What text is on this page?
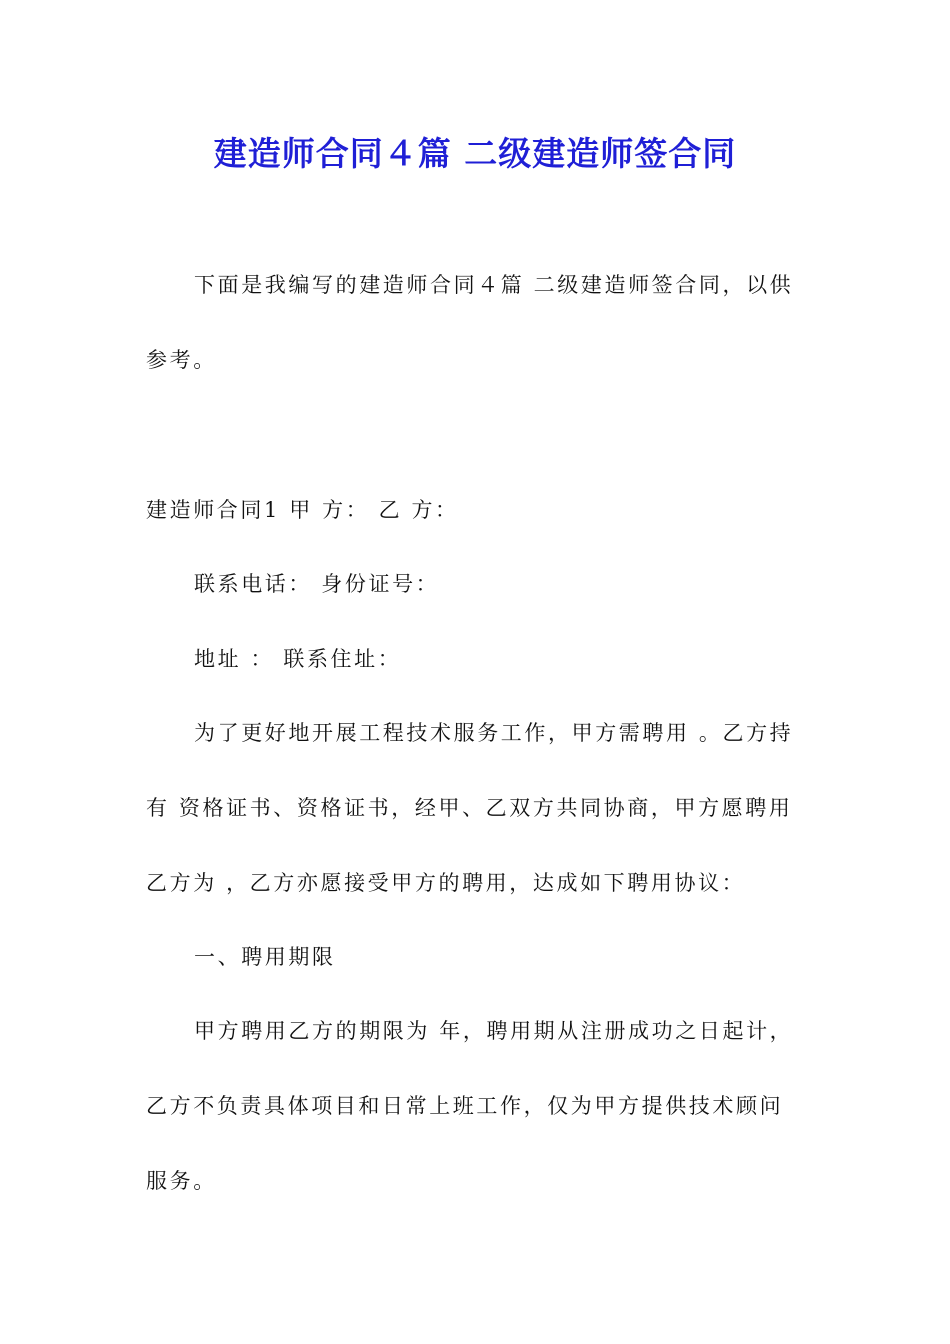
建造师合同４篇 二级建造师签合同
下面是我编写的建造师合同４篇 二级建造师签合同，以供
参考。
建造师合同1 甲 方： 乙 方：
联系电话： 身份证号：
地址 ： 联系住址：
为了更好地开展工程技术服务工作，甲方需聘用 。乙方持
有 资格证书、资格证书，经甲、乙双方共同协商，甲方愿聘用
乙方为 ，乙方亦愿接受甲方的聘用，达成如下聘用协议：
一、聘用期限
甲方聘用乙方的期限为 年，聘用期从注册成功之日起计，
乙方不负责具体项目和日常上班工作，仅为甲方提供技术顾问
服务。
